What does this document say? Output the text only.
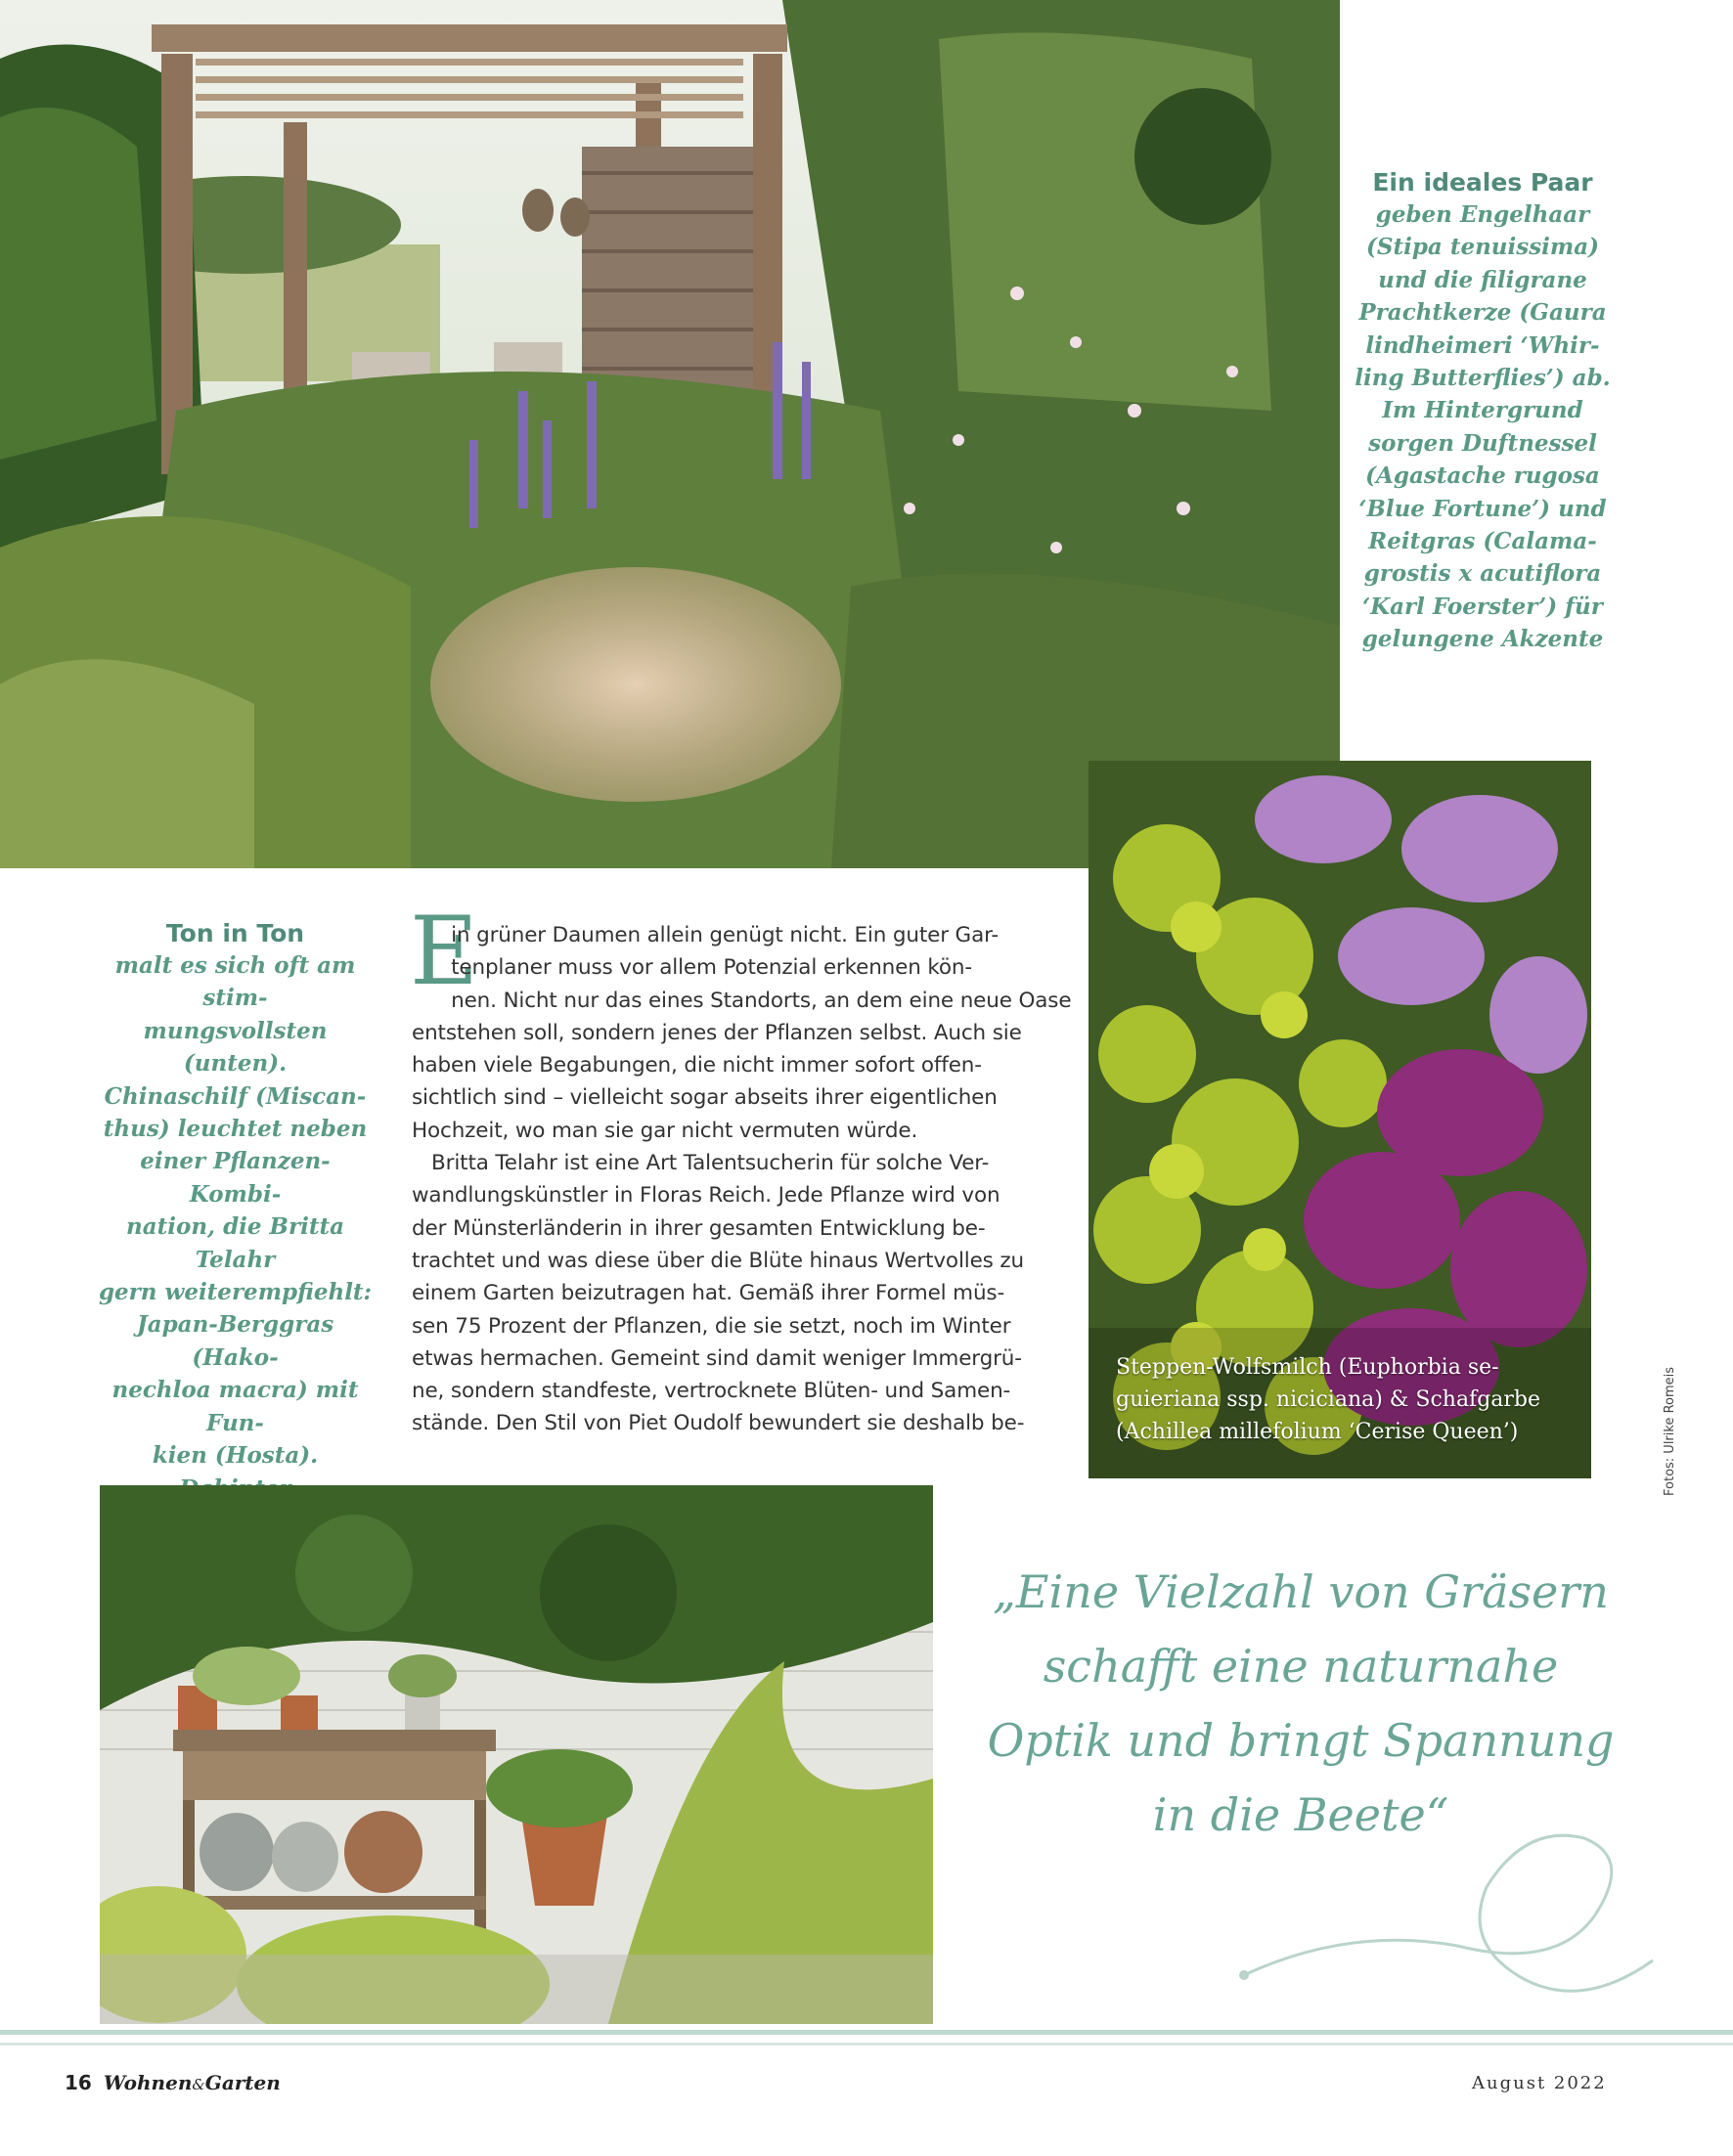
Ein ideales Paar
geben Engelhaar
(Stipa tenuissima)
und die filigrane
Prachtkerze (Gaura
lindheimeri ‘Whir-
ling Butterflies’) ab.
Im Hintergrund
sorgen Duftnessel
(Agastache rugosa
‘Blue Fortune’) und
Reitgras (Calama-
grostis x acutiflora
‘Karl Foerster’) für
gelungene Akzente
Ton in Ton
malt es sich oft am stim-
mungsvollsten (unten).
Chinaschilf (Miscan-
thus) leuchtet neben
einer Pflanzen-Kombi-
nation, die Britta Telahr
gern weiterempfiehlt:
Japan-Berggras (Hako-
nechloa macra) mit Fun-
kien (Hosta).

E
in grüner Daumen allein genügt nicht. Ein guter Gar-
tenplaner muss vor allem Potenzial erkennen kön-
nen. Nicht nur das eines Standorts, an dem eine neue Oase
entstehen soll, sondern jenes der Pflanzen selbst. Auch sie
haben viele Begabungen, die nicht immer sofort offen-
sichtlich sind – vielleicht sogar abseits ihrer eigentlichen
Hochzeit, wo man sie gar nicht vermuten würde.
Britta Telahr ist eine Art Talentsucherin für solche Ver-
wandlungskünstler in Floras Reich. Jede Pflanze wird von
der Münsterländerin in ihrer gesamten Entwicklung be-
trachtet und was diese über die Blüte hinaus Wertvolles zu
einem Garten beizutragen hat. Gemäß ihrer Formel müs-
sen 75 Prozent der Pflanzen, die sie setzt, noch im Winter
etwas hermachen. Gemeint sind damit weniger Immergrü-
ne, sondern standfeste, vertrocknete Blüten- und Samen-
stände. Den Stil von Piet Oudolf bewundert sie deshalb be-
Steppen-Wolfsmilch (Euphorbia se-
guieriana ssp. niciciana) & Schafgarbe
(Achillea millefolium ‘Cerise Queen’)	Fotos: Ulrike Romeis
„Eine Vielzahl von Gräsern
schafft eine naturnahe
Optik und bringt Spannung
in die Beete“
16 Wohnen&Garten	August 2022
